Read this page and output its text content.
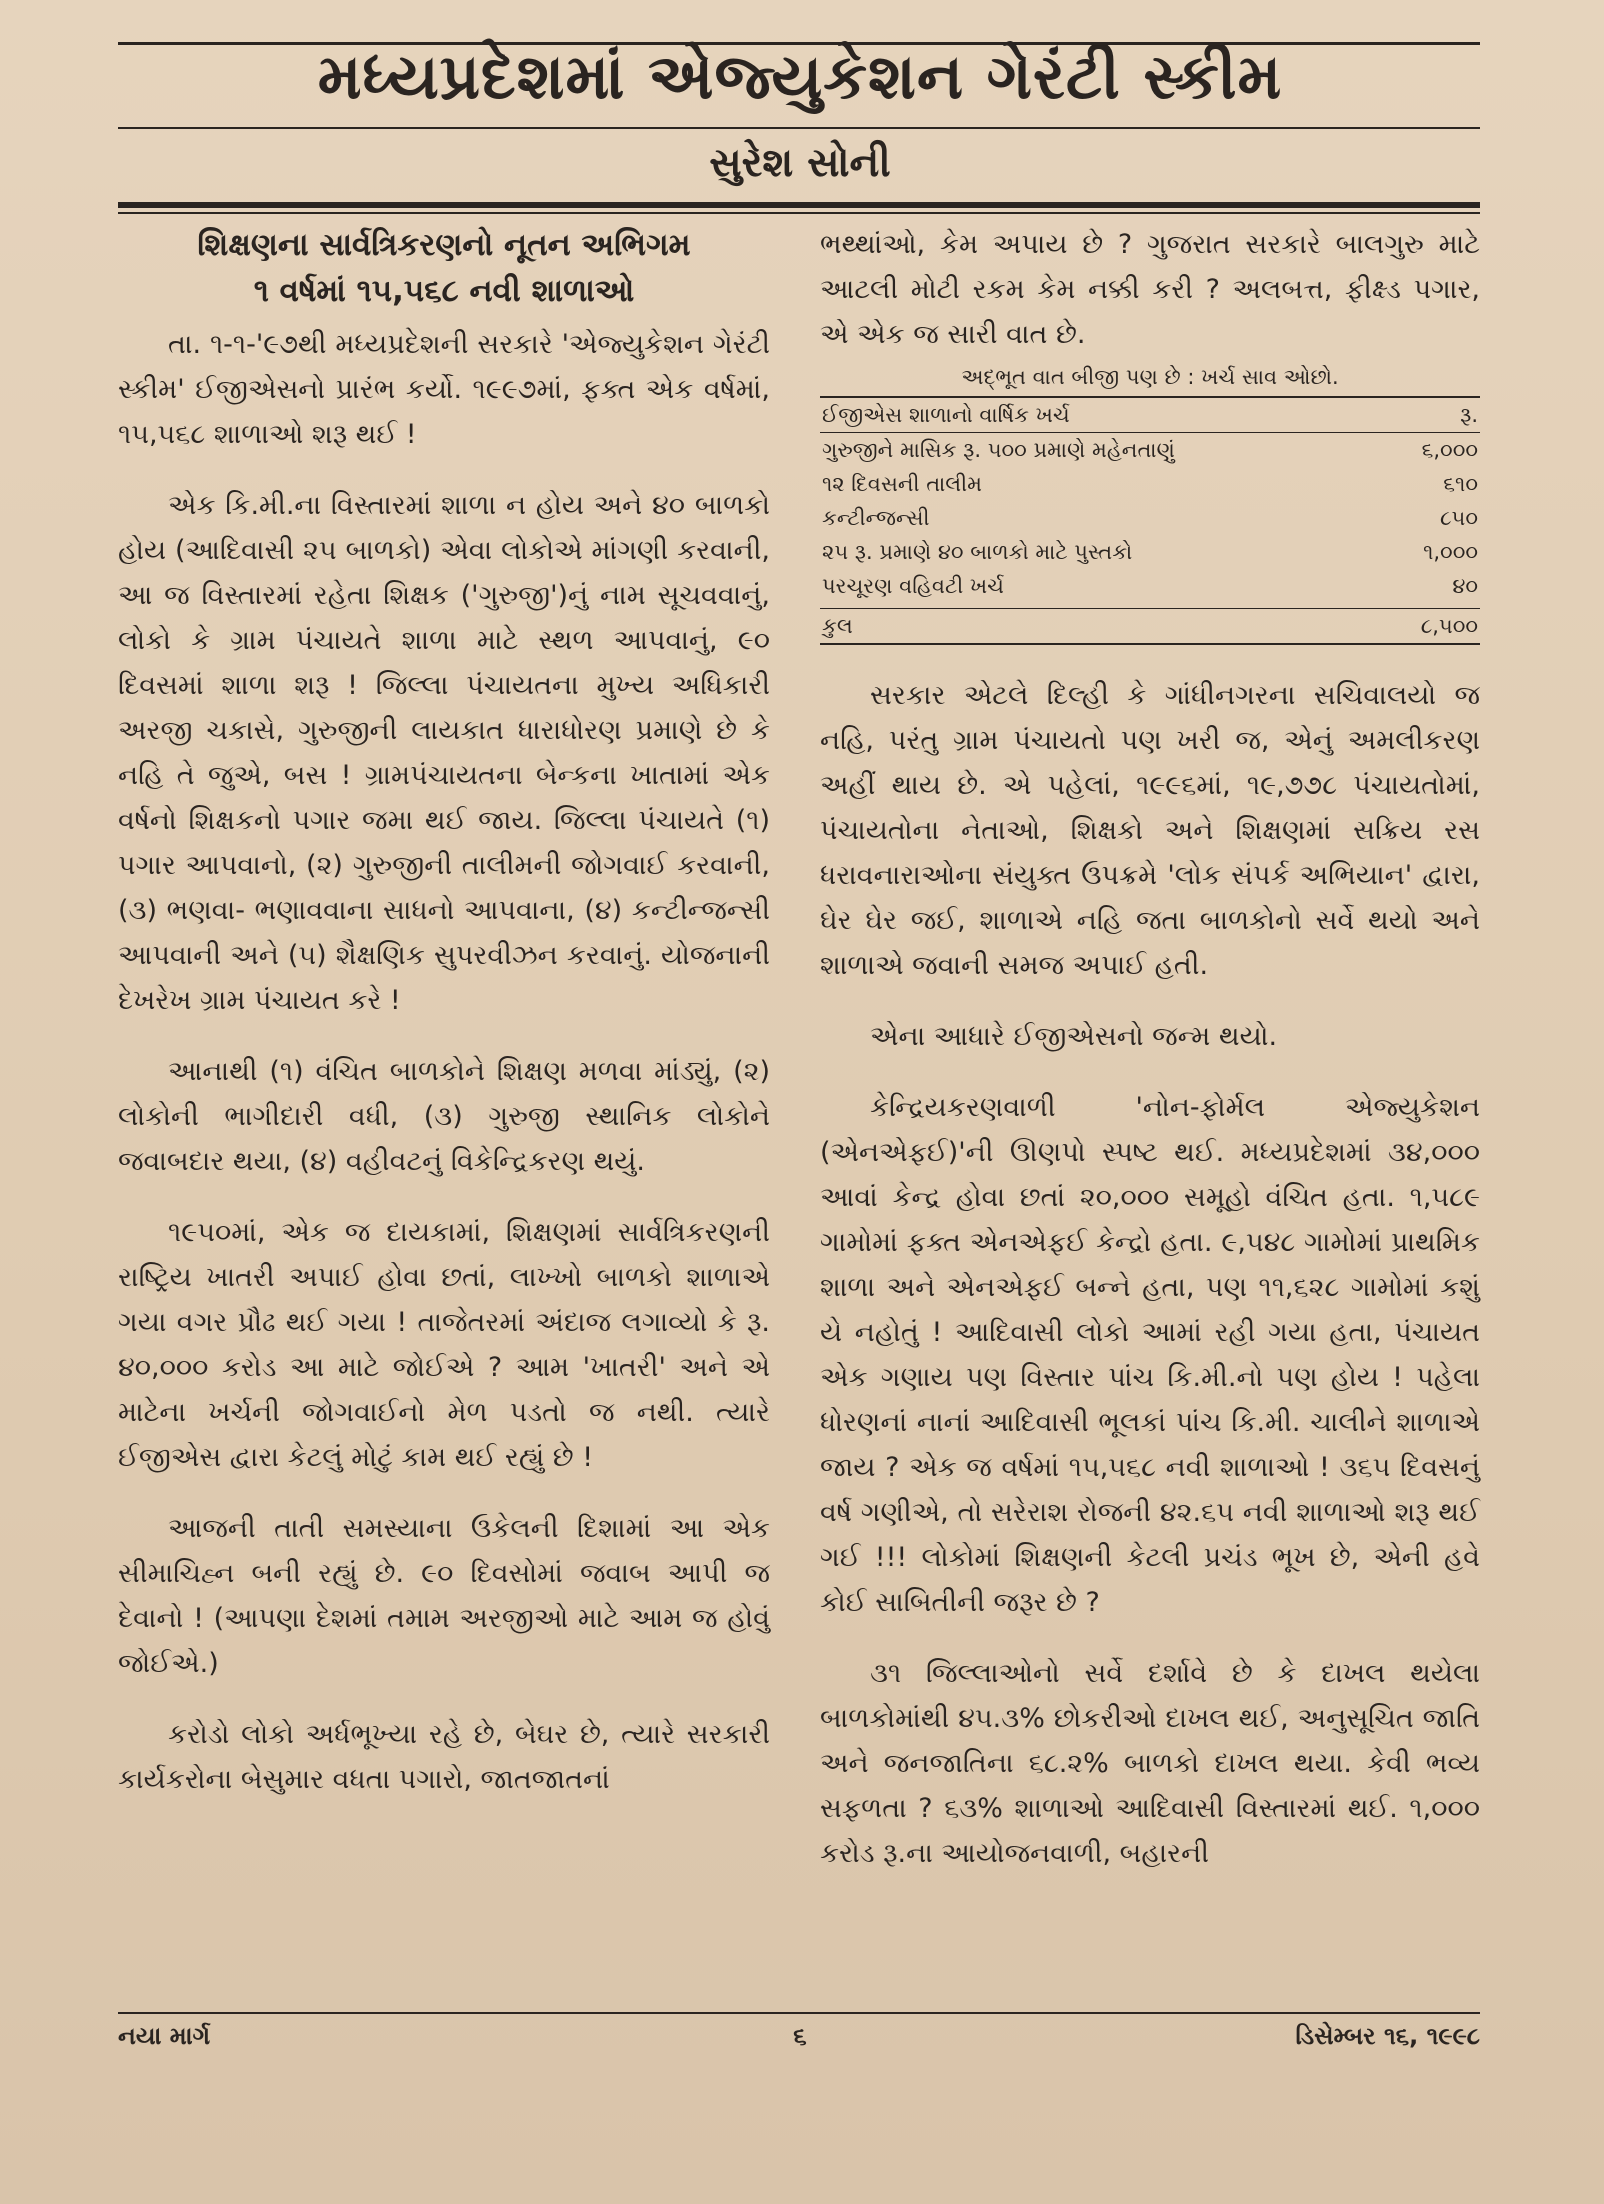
મધ્યપ્રદેશમાં એજ્યુકેશન ગેરંટી સ્કીમ
સુરેશ સોની
શિક્ષણના સાર્વત્રિકરણનો નૂતન અભિગમ
૧ વર્ષમાં ૧૫,૫૬૮ નવી શાળાઓ

તા. ૧-૧-'૯૭થી મધ્યપ્રદેશની સરકારે 'એજ્યુકેશન ગેરંટી સ્કીમ' ઈજીએસનો પ્રારંભ કર્યો. ૧૯૯૭માં, ફક્ત એક વર્ષમાં, ૧૫,૫૬૮ શાળાઓ શરૂ થઈ !

એક કિ.મી.ના વિસ્તારમાં શાળા ન હોય અને ૪૦ બાળકો હોય (આદિવાસી ૨૫ બાળકો) એવા લોકોએ માંગણી કરવાની, આ જ વિસ્તારમાં રહેતા શિક્ષક ('ગુરુજી')નું નામ સૂચવવાનું, લોકો કે ગ્રામ પંચાયતે શાળા માટે સ્થળ આપવાનું, ૯૦ દિવસમાં શાળા શરૂ ! જિલ્લા પંચાયતના મુખ્ય અધિકારી અરજી ચકાસે, ગુરુજીની લાયકાત ધારાધોરણ પ્રમાણે છે કે નહિ તે જુએ, બસ ! ગ્રામપંચાયતના બેન્કના ખાતામાં એક વર્ષનો શિક્ષકનો પગાર જમા થઈ જાય. જિલ્લા પંચાયતે (૧) પગાર આપવાનો, (૨) ગુરુજીની તાલીમની જોગવાઈ કરવાની, (૩) ભણવા- ભણાવવાના સાધનો આપવાના, (૪) કન્ટીન્જન્સી આપવાની અને (૫) શૈક્ષણિક સુપરવીઝન કરવાનું. યોજનાની દેખરેખ ગ્રામ પંચાયત કરે !

આનાથી (૧) વંચિત બાળકોને શિક્ષણ મળવા માંડ્યું, (૨) લોકોની ભાગીદારી વધી, (૩) ગુરુજી સ્થાનિક લોકોને જવાબદાર થયા, (૪) વહીવટનું વિકેન્દ્રિકરણ થયું.

૧૯૫૦માં, એક જ દાયકામાં, શિક્ષણમાં સાર્વત્રિકરણની રાષ્ટ્રિય ખાતરી અપાઈ હોવા છતાં, લાખ્ખો બાળકો શાળાએ ગયા વગર પ્રૌઢ થઈ ગયા ! તાજેતરમાં અંદાજ લગાવ્યો કે રૂ. ૪૦,૦૦૦ કરોડ આ માટે જોઈએ ? આમ 'ખાતરી' અને એ માટેના ખર્ચની જોગવાઈનો મેળ પડતો જ નથી. ત્યારે ઈજીએસ દ્વારા કેટલું મોટું કામ થઈ રહ્યું છે !

આજની તાતી સમસ્યાના ઉકેલની દિશામાં આ એક સીમાચિહ્ન બની રહ્યું છે. ૯૦ દિવસોમાં જવાબ આપી જ દેવાનો ! (આપણા દેશમાં તમામ અરજીઓ માટે આમ જ હોવું જોઈએ.)

કરોડો લોકો અર્ધભૂખ્યા રહે છે, બેઘર છે, ત્યારે સરકારી કાર્યકરોના બેસુમાર વધતા પગારો, જાતજાતનાં

ભથ્થાંઓ, કેમ અપાય છે ? ગુજરાત સરકારે બાલગુરુ માટે આટલી મોટી રકમ કેમ નક્કી કરી ? અલબત્ત, ફીક્ષ્ડ પગાર, એ એક જ સારી વાત છે.

અદ્ભૂત વાત બીજી પણ છે : ખર્ચ સાવ ઓછો.
ઈજીએસ શાળાનો વાર્ષિક ખર્ચ	રૂ.
ગુરુજીને માસિક રૂ. ૫૦૦ પ્રમાણે મહેનતાણું	૬,૦૦૦
૧૨ દિવસની તાલીમ	૬૧૦
કન્ટીન્જન્સી	૮૫૦
૨૫ રૂ. પ્રમાણે ૪૦ બાળકો માટે પુસ્તકો	૧,૦૦૦
પરચૂરણ વહિવટી ખર્ચ	૪૦
કુલ	૮,૫૦૦

સરકાર એટલે દિલ્હી કે ગાંધીનગરના સચિવાલયો જ નહિ, પરંતુ ગ્રામ પંચાયતો પણ ખરી જ, એનું અમલીકરણ અહીં થાય છે. એ પહેલાં, ૧૯૯૬માં, ૧૯,૭૭૮ પંચાયતોમાં, પંચાયતોના નેતાઓ, શિક્ષકો અને શિક્ષણમાં સક્રિય રસ ધરાવનારાઓના સંયુક્ત ઉપક્રમે 'લોક સંપર્ક અભિયાન' દ્વારા, ઘેર ઘેર જઈ, શાળાએ નહિ જતા બાળકોનો સર્વે થયો અને શાળાએ જવાની સમજ અપાઈ હતી.

એના આધારે ઈજીએસનો જન્મ થયો.

કેન્દ્રિયકરણવાળી 'નોન-ફોર્મલ એજ્યુકેશન (એનએફઈ)'ની ઊણપો સ્પષ્ટ થઈ. મધ્યપ્રદેશમાં ૩૪,૦૦૦ આવાં કેન્દ્ર હોવા છતાં ૨૦,૦૦૦ સમૂહો વંચિત હતા. ૧,૫૮૯ ગામોમાં ફક્ત એનએફઈ કેન્દ્રો હતા. ૯,૫૪૮ ગામોમાં પ્રાથમિક શાળા અને એનએફઈ બન્ને હતા, પણ ૧૧,૬૨૮ ગામોમાં કશું યે નહોતું ! આદિવાસી લોકો આમાં રહી ગયા હતા, પંચાયત એક ગણાય પણ વિસ્તાર પાંચ કિ.મી.નો પણ હોય ! પહેલા ધોરણનાં નાનાં આદિવાસી ભૂલકાં પાંચ કિ.મી. ચાલીને શાળાએ જાય ? એક જ વર્ષમાં ૧૫,૫૬૮ નવી શાળાઓ ! ૩૬૫ દિવસનું વર્ષ ગણીએ, તો સરેરાશ રોજની ૪૨.૬૫ નવી શાળાઓ શરૂ થઈ ગઈ !!! લોકોમાં શિક્ષણની કેટલી પ્રચંડ ભૂખ છે, એની હવે કોઈ સાબિતીની જરૂર છે ?

૩૧ જિલ્લાઓનો સર્વે દર્શાવે છે કે દાખલ થયેલા બાળકોમાંથી ૪૫.૩% છોકરીઓ દાખલ થઈ, અનુસૂચિત જાતિ અને જનજાતિના ૬૮.૨% બાળકો દાખલ થયા. કેવી ભવ્ય સફળતા ? ૬૩% શાળાઓ આદિવાસી વિસ્તારમાં થઈ. ૧,૦૦૦ કરોડ રૂ.ના આયોજનવાળી, બહારની

નયા માર્ગ	૬	ડિસેમ્બર ૧૬, ૧૯૯૮
